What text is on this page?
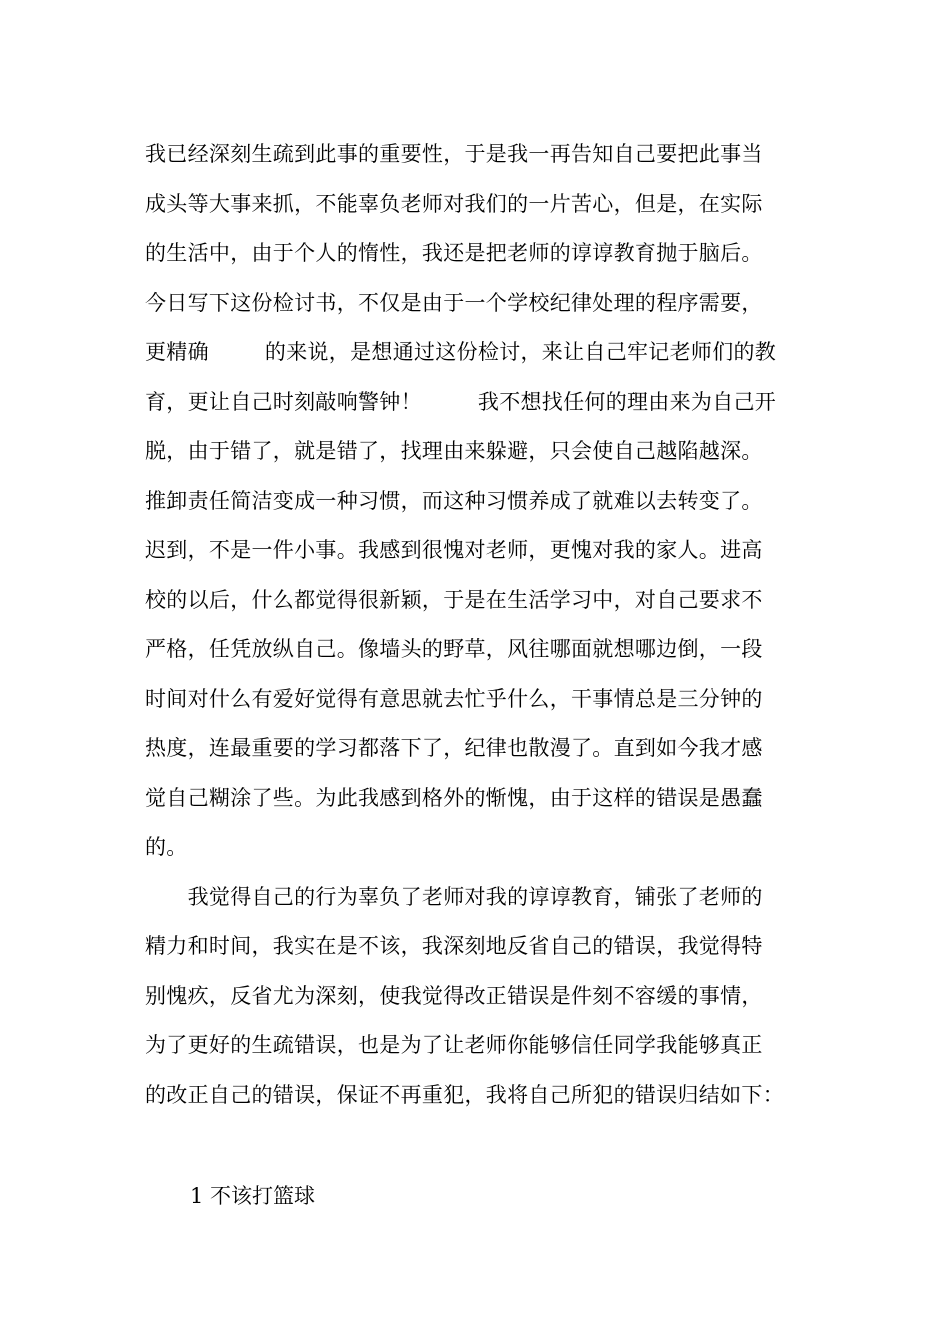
我已经深刻生疏到此事的重要性，于是我一再告知自己要把此事当
成头等大事来抓，不能辜负老师对我们的一片苦心，但是，在实际
的生活中，由于个人的惰性，我还是把老师的谆谆教育抛于脑后。
今日写下这份检讨书，不仅是由于一个学校纪律处理的程序需要，
更精确	的来说，是想通过这份检讨，来让自己牢记老师们的教
育，更让自己时刻敲响警钟！	我不想找任何的理由来为自己开
脱，由于错了，就是错了，找理由来躲避，只会使自己越陷越深。
推卸责任简洁变成一种习惯，而这种习惯养成了就难以去转变了。
迟到，不是一件小事。我感到很愧对老师，更愧对我的家人。进高
校的以后，什么都觉得很新颖，于是在生活学习中，对自己要求不
严格，任凭放纵自己。像墙头的野草，风往哪面就想哪边倒，一段
时间对什么有爱好觉得有意思就去忙乎什么，干事情总是三分钟的
热度，连最重要的学习都落下了，纪律也散漫了。直到如今我才感
觉自己糊涂了些。为此我感到格外的惭愧，由于这样的错误是愚蠢
的。
　　我觉得自己的行为辜负了老师对我的谆谆教育，铺张了老师的
精力和时间，我实在是不该，我深刻地反省自己的错误，我觉得特
别愧疚，反省尤为深刻，使我觉得改正错误是件刻不容缓的事情，
为了更好的生疏错误，也是为了让老师你能够信任同学我能够真正
的改正自己的错误，保证不再重犯，我将自己所犯的错误归结如下：
1 不该打篮球
